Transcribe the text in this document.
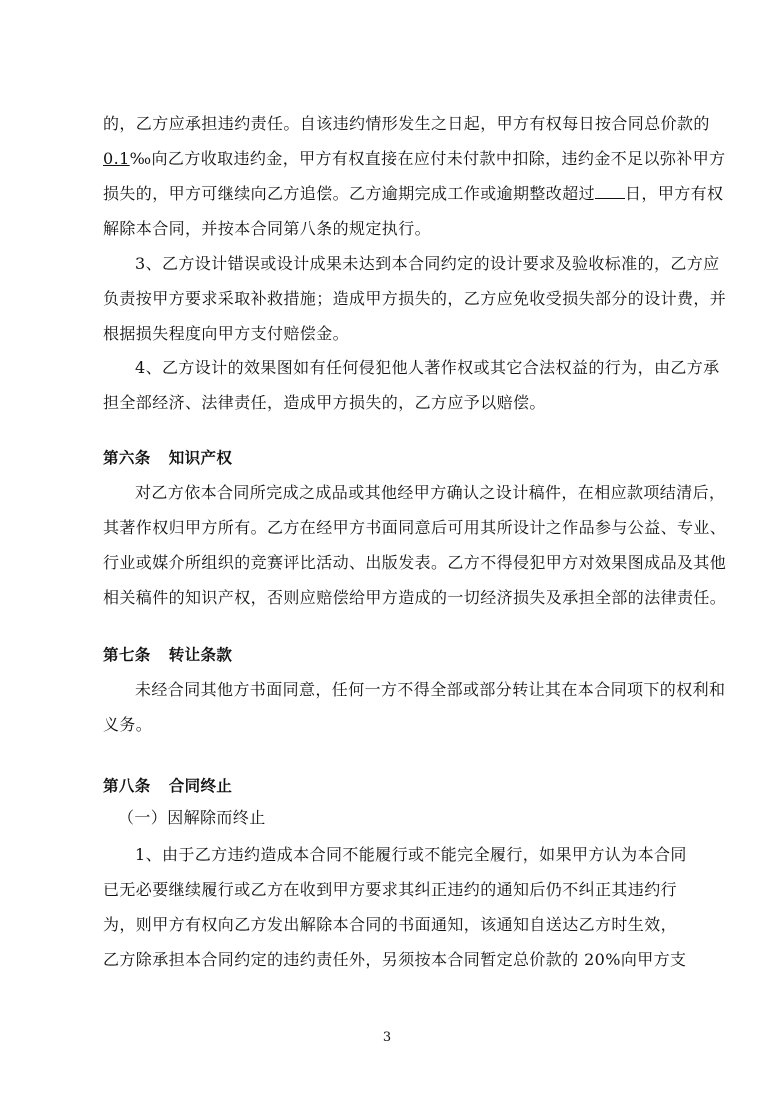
的，乙方应承担违约责任。自该违约情形发生之日起，甲方有权每日按合同总价款的
0.1‰向乙方收取违约金，甲方有权直接在应付未付款中扣除，违约金不足以弥补甲方
损失的，甲方可继续向乙方追偿。乙方逾期完成工作或逾期整改超过 日，甲方有权
解除本合同，并按本合同第八条的规定执行。
3、乙方设计错误或设计成果未达到本合同约定的设计要求及验收标准的，乙方应
负责按甲方要求采取补救措施；造成甲方损失的，乙方应免收受损失部分的设计费，并
根据损失程度向甲方支付赔偿金。
4、乙方设计的效果图如有任何侵犯他人著作权或其它合法权益的行为，由乙方承
担全部经济、法律责任，造成甲方损失的，乙方应予以赔偿。
第六条 知识产权
对乙方依本合同所完成之成品或其他经甲方确认之设计稿件，在相应款项结清后，
其著作权归甲方所有。乙方在经甲方书面同意后可用其所设计之作品参与公益、专业、
行业或媒介所组织的竞赛评比活动、出版发表。乙方不得侵犯甲方对效果图成品及其他
相关稿件的知识产权，否则应赔偿给甲方造成的一切经济损失及承担全部的法律责任。
第七条 转让条款
未经合同其他方书面同意，任何一方不得全部或部分转让其在本合同项下的权利和
义务。
第八条 合同终止
（一）因解除而终止
1、由于乙方违约造成本合同不能履行或不能完全履行，如果甲方认为本合同
已无必要继续履行或乙方在收到甲方要求其纠正违约的通知后仍不纠正其违约行
为，则甲方有权向乙方发出解除本合同的书面通知，该通知自送达乙方时生效，
乙方除承担本合同约定的违约责任外，另须按本合同暂定总价款的 20%向甲方支
3
